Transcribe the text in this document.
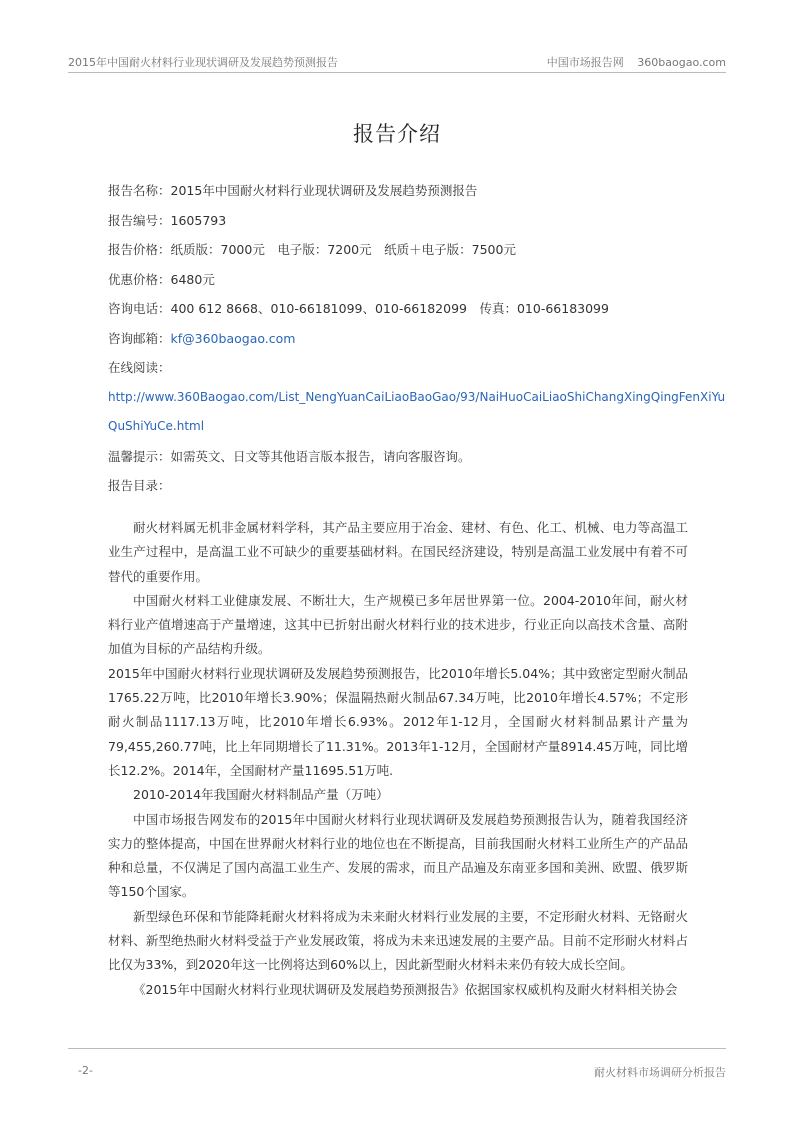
2015年中国耐火材料行业现状调研及发展趋势预测报告	中国市场报告网 360baogao.com
报告介绍
报告名称：2015年中国耐火材料行业现状调研及发展趋势预测报告
报告编号：1605793
报告价格：纸质版：7000元　电子版：7200元　纸质＋电子版：7500元
优惠价格：6480元
咨询电话：400 612 8668、010-66181099、010-66182099　传真：010-66183099
咨询邮箱：kf@360baogao.com
在线阅读：
http://www.360Baogao.com/List_NengYuanCaiLiaoBaoGao/93/NaiHuoCaiLiaoShiChangXingQingFenXiYu
QuShiYuCe.html
温馨提示：如需英文、日文等其他语言版本报告，请向客服咨询。
报告目录：

耐火材料属无机非金属材料学科，其产品主要应用于冶金、建材、有色、化工、机械、电力等高温工业生产过程中，是高温工业不可缺少的重要基础材料。在国民经济建设，特别是高温工业发展中有着不可替代的重要作用。

中国耐火材料工业健康发展、不断壮大，生产规模已多年居世界第一位。2004-2010年间，耐火材料行业产值增速高于产量增速，这其中已折射出耐火材料行业的技术进步，行业正向以高技术含量、高附加值为目标的产品结构升级。

2015年中国耐火材料行业现状调研及发展趋势预测报告，比2010年增长5.04%；其中致密定型耐火制品1765.22万吨，比2010年增长3.90%；保温隔热耐火制品67.34万吨，比2010年增长4.57%；不定形耐火制品1117.13万吨，比2010年增长6.93%。2012年1-12月，全国耐火材料制品累计产量为79,455,260.77吨，比上年同期增长了11.31%。2013年1-12月，全国耐材产量8914.45万吨，同比增长12.2%。2014年，全国耐材产量11695.51万吨.

2010-2014年我国耐火材料制品产量（万吨）

中国市场报告网发布的2015年中国耐火材料行业现状调研及发展趋势预测报告认为，随着我国经济实力的整体提高，中国在世界耐火材料行业的地位也在不断提高，目前我国耐火材料工业所生产的产品品种和总量，不仅满足了国内高温工业生产、发展的需求，而且产品遍及东南亚多国和美洲、欧盟、俄罗斯等150个国家。

新型绿色环保和节能降耗耐火材料将成为未来耐火材料行业发展的主要，不定形耐火材料、无铬耐火材料、新型绝热耐火材料受益于产业发展政策，将成为未来迅速发展的主要产品。目前不定形耐火材料占比仅为33%，到2020年这一比例将达到60%以上，因此新型耐火材料未来仍有较大成长空间。

《2015年中国耐火材料行业现状调研及发展趋势预测报告》依据国家权威机构及耐火材料相关协会

-2-	耐火材料市场调研分析报告
